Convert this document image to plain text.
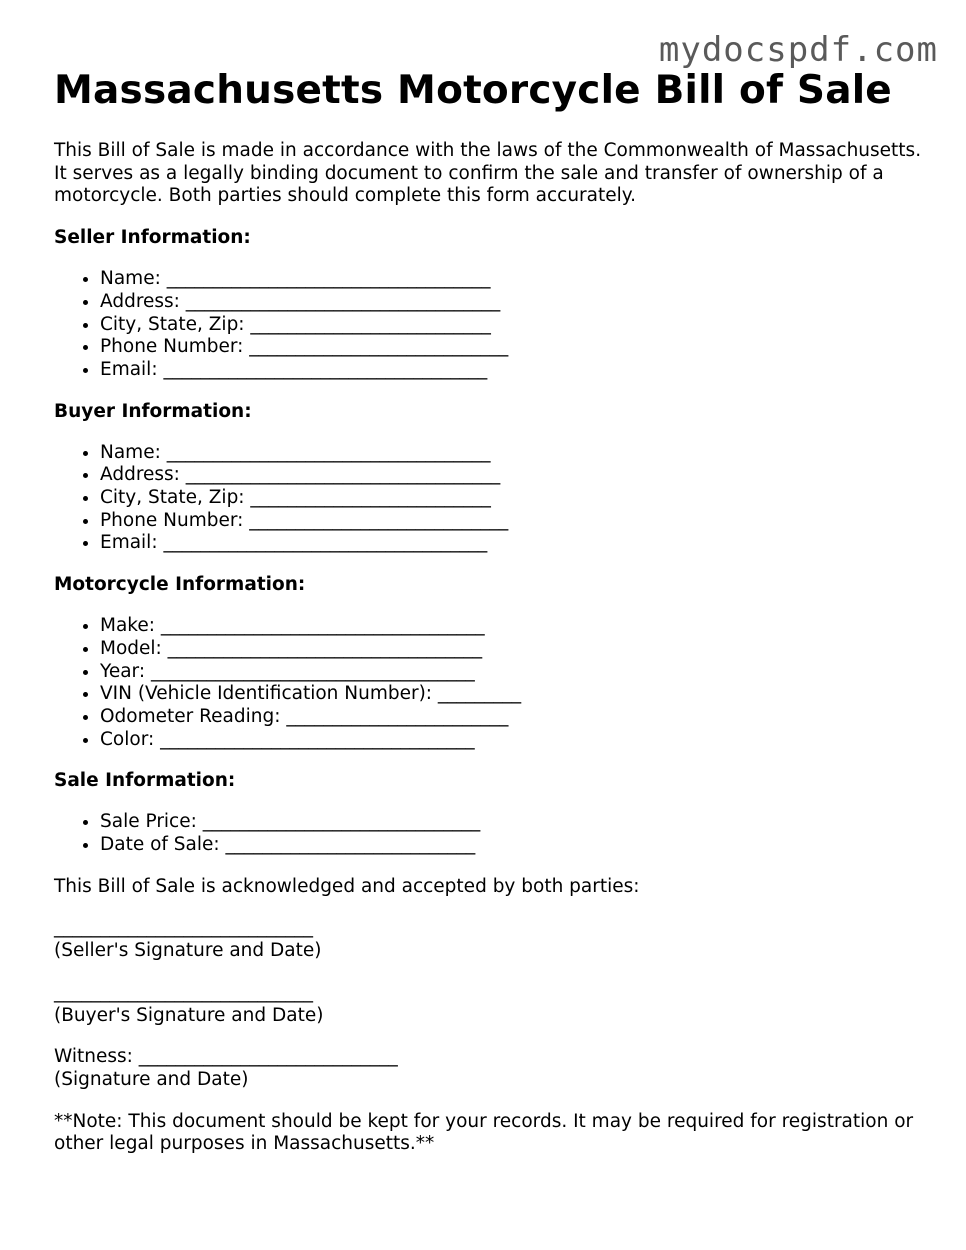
mydocspdf.com
Massachusetts Motorcycle Bill of Sale

This Bill of Sale is made in accordance with the laws of the Commonwealth of Massachusetts. It serves as a legally binding document to confirm the sale and transfer of ownership of a motorcycle. Both parties should complete this form accurately.

Seller Information:
• Name: ___________________________________
• Address: __________________________________
• City, State, Zip: __________________________
• Phone Number: ____________________________
• Email: ___________________________________
Buyer Information:
• Name: ___________________________________
• Address: __________________________________
• City, State, Zip: __________________________
• Phone Number: ____________________________
• Email: ___________________________________
Motorcycle Information:
• Make: ___________________________________
• Model: __________________________________
• Year: ___________________________________
• VIN (Vehicle Identification Number): _________
• Odometer Reading: ________________________
• Color: __________________________________
Sale Information:
• Sale Price: ______________________________
• Date of Sale: ___________________________

This Bill of Sale is acknowledged and accepted by both parties:

____________________________
(Seller's Signature and Date)
____________________________
(Buyer's Signature and Date)
Witness: ____________________________
(Signature and Date)

**Note: This document should be kept for your records. It may be required for registration or other legal purposes in Massachusetts.**
